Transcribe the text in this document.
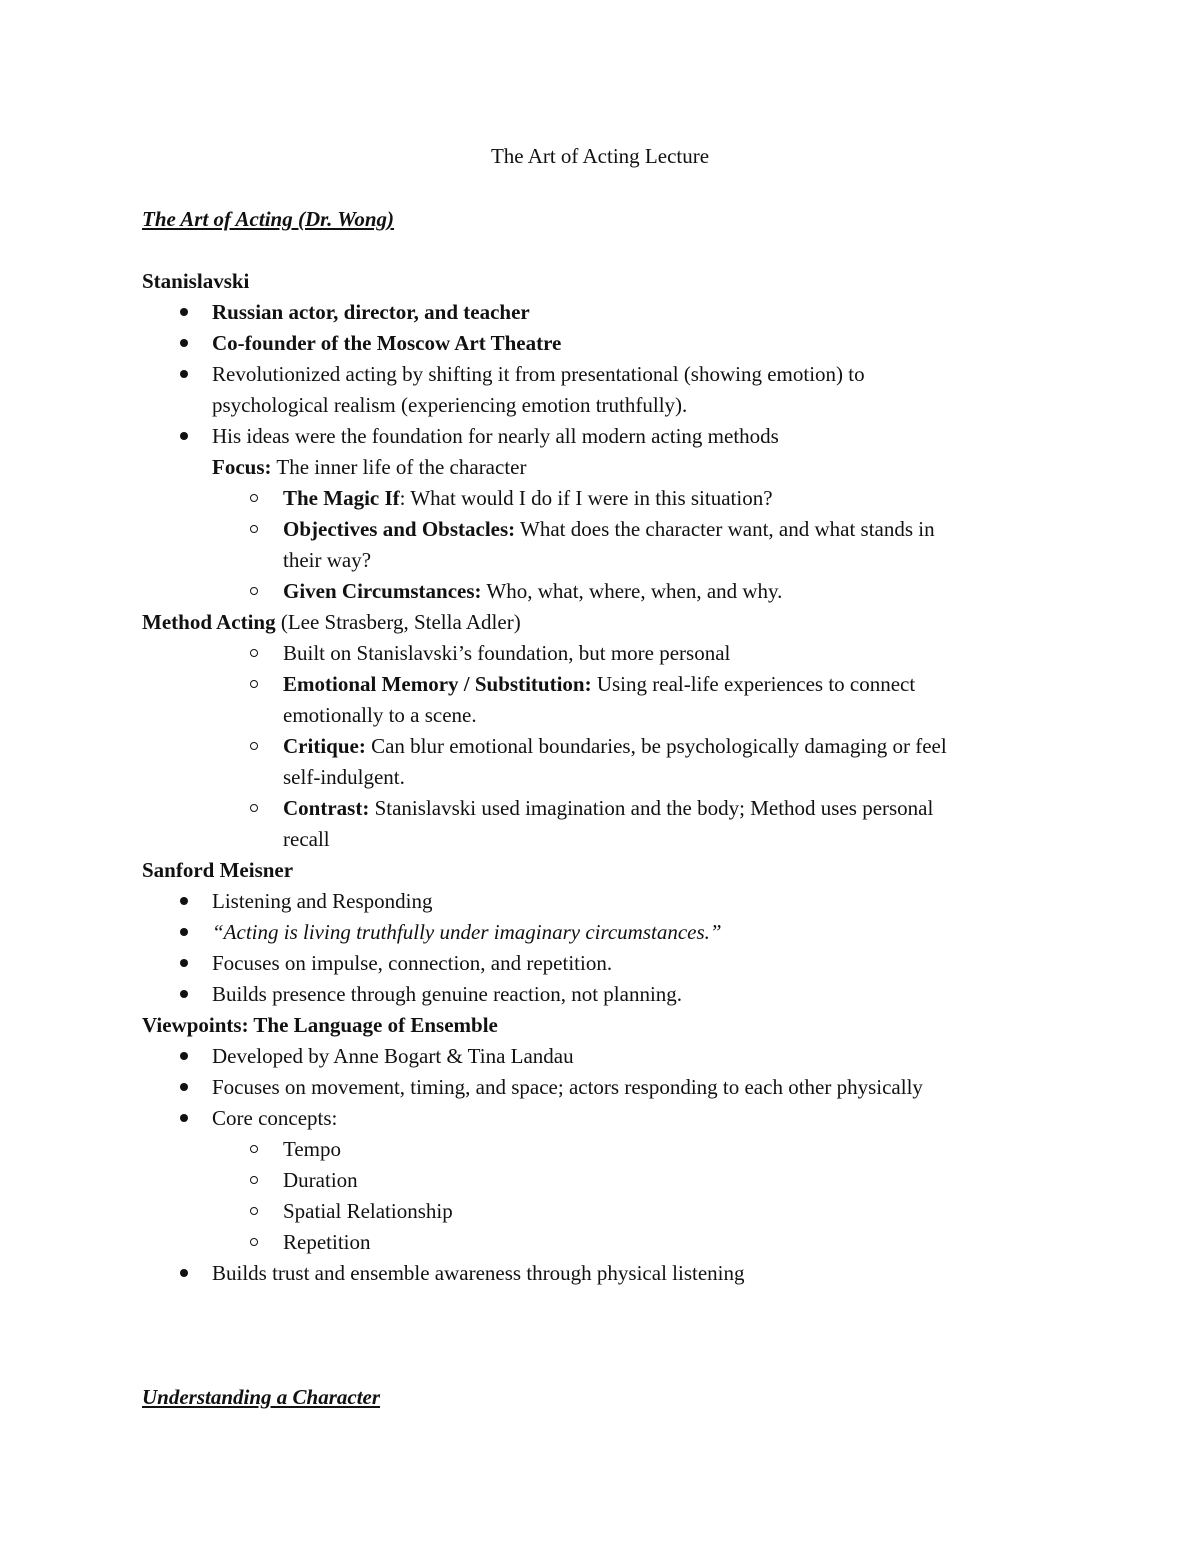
The Art of Acting Lecture
The Art of Acting (Dr. Wong)
Stanislavski
Russian actor, director, and teacher
Co-founder of the Moscow Art Theatre
Revolutionized acting by shifting it from presentational (showing emotion) to
psychological realism (experiencing emotion truthfully).
His ideas were the foundation for nearly all modern acting methods
Focus: The inner life of the character
The Magic If: What would I do if I were in this situation?
Objectives and Obstacles: What does the character want, and what stands in
their way?
Given Circumstances: Who, what, where, when, and why.
Method Acting (Lee Strasberg, Stella Adler)
Built on Stanislavski’s foundation, but more personal
Emotional Memory / Substitution: Using real-life experiences to connect
emotionally to a scene.
Critique: Can blur emotional boundaries, be psychologically damaging or feel
self-indulgent.
Contrast: Stanislavski used imagination and the body; Method uses personal
recall
Sanford Meisner
Listening and Responding
“Acting is living truthfully under imaginary circumstances.”
Focuses on impulse, connection, and repetition.
Builds presence through genuine reaction, not planning.
Viewpoints: The Language of Ensemble
Developed by Anne Bogart & Tina Landau
Focuses on movement, timing, and space; actors responding to each other physically
Core concepts:
Tempo
Duration
Spatial Relationship
Repetition
Builds trust and ensemble awareness through physical listening
Understanding a Character
